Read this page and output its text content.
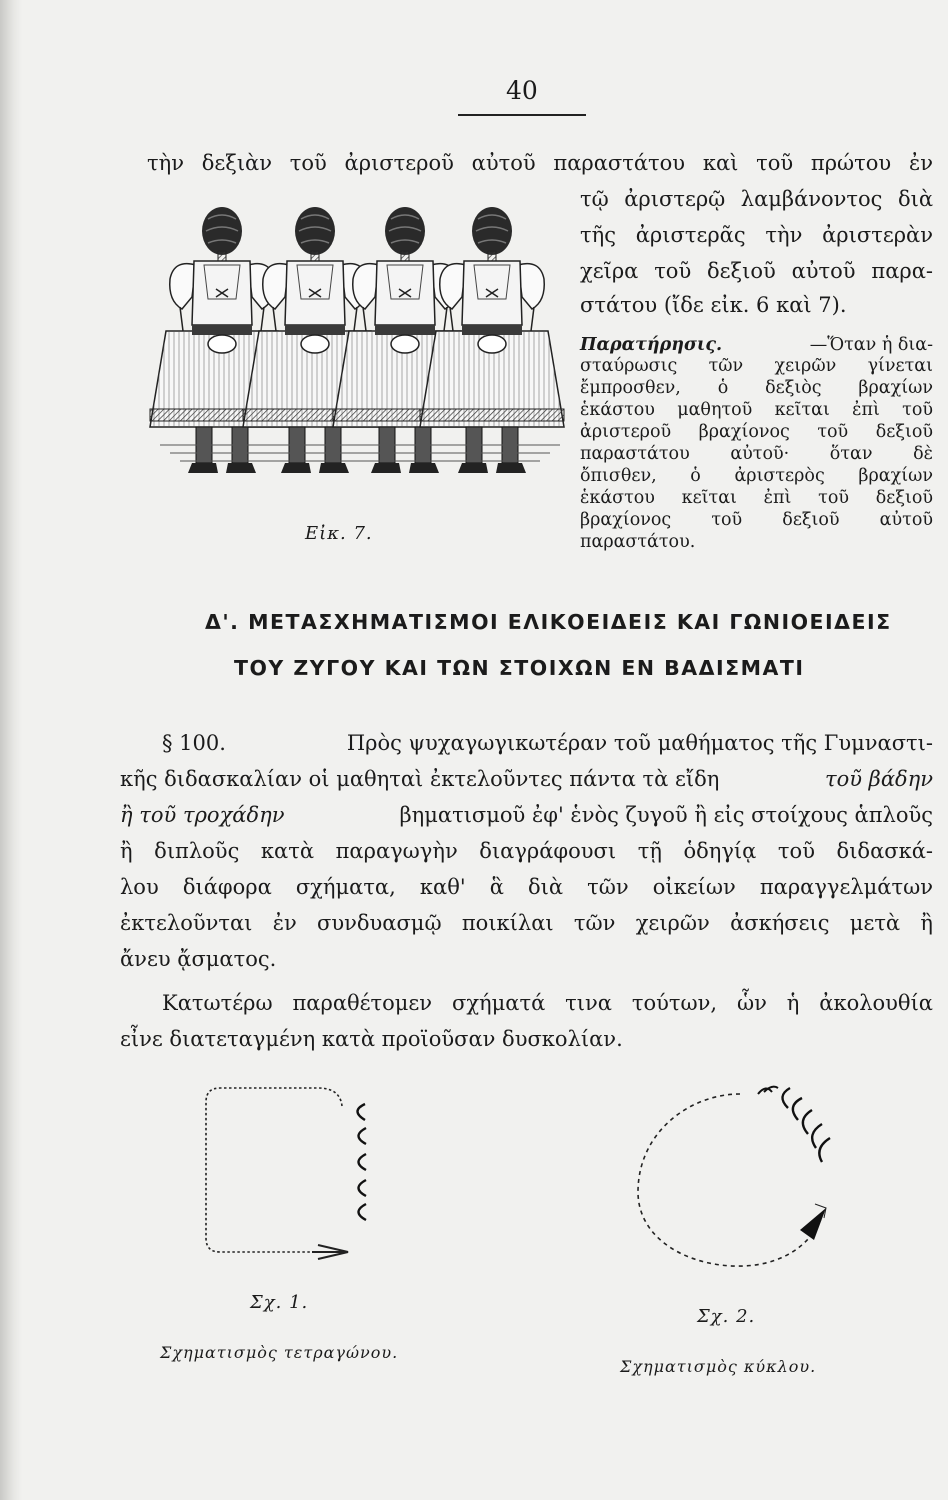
40
τὴν δεξιὰν τοῦ ἀριστεροῦ αὐτοῦ παραστάτου καὶ τοῦ πρώτου ἐν
τῷ ἀριστερῷ λαμβάνοντος διὰ
τῆς ἀριστερᾶς τὴν ἀριστερὰν
χεῖρα τοῦ δεξιοῦ αὐτοῦ παρα-
στάτου (ἴδε εἰκ. 6 καὶ 7).
Εἰκ. 7.
Παρατήρησις.	—Ὅταν ἡ δια-
σταύρωσις τῶν χειρῶν γίνεται
ἔμπροσθεν, ὁ δεξιὸς βραχίων
ἑκάστου μαθητοῦ κεῖται ἐπὶ τοῦ
ἀριστεροῦ βραχίονος τοῦ δεξιοῦ
παραστάτου αὐτοῦ· ὅταν δὲ
ὄπισθεν, ὁ ἀριστερὸς βραχίων
ἑκάστου κεῖται ἐπὶ τοῦ δεξιοῦ
βραχίονος τοῦ δεξιοῦ αὐτοῦ
παραστάτου.
Δ'. ΜΕΤΑΣΧΗΜΑΤΙΣΜΟΙ ΕΛΙΚΟΕΙΔΕΙΣ ΚΑΙ ΓΩΝΙΟΕΙΔΕΙΣ
ΤΟΥ ΖΥΓΟΥ ΚΑΙ ΤΩΝ ΣΤΟΙΧΩΝ ΕΝ ΒΑΔΙΣΜΑΤΙ
§ 100.	Πρὸς ψυχαγωγικωτέραν τοῦ μαθήματος τῆς Γυμναστι-
κῆς διδασκαλίαν οἱ μαθηταὶ ἐκτελοῦντες πάντα τὰ εἴδη	τοῦ βάδην
ἢ τοῦ τροχάδην	βηματισμοῦ ἐφ' ἑνὸς ζυγοῦ ἢ εἰς στοίχους ἁπλοῦς
ἢ διπλοῦς κατὰ παραγωγὴν διαγράφουσι τῇ ὁδηγίᾳ τοῦ διδασκά-
λου διάφορα σχήματα, καθ' ἃ διὰ τῶν οἰκείων παραγγελμάτων
ἐκτελοῦνται ἐν συνδυασμῷ ποικίλαι τῶν χειρῶν ἀσκήσεις μετὰ ἢ
ἄνευ ᾄσματος.
Κατωτέρω παραθέτομεν σχήματά τινα τούτων, ὧν ἡ ἀκολουθία
εἶνε διατεταγμένη κατὰ προϊοῦσαν δυσκολίαν.
Σχ. 1.
Σχηματισμὸς τετραγώνου.
Σχ. 2.
Σχηματισμὸς κύκλου.
